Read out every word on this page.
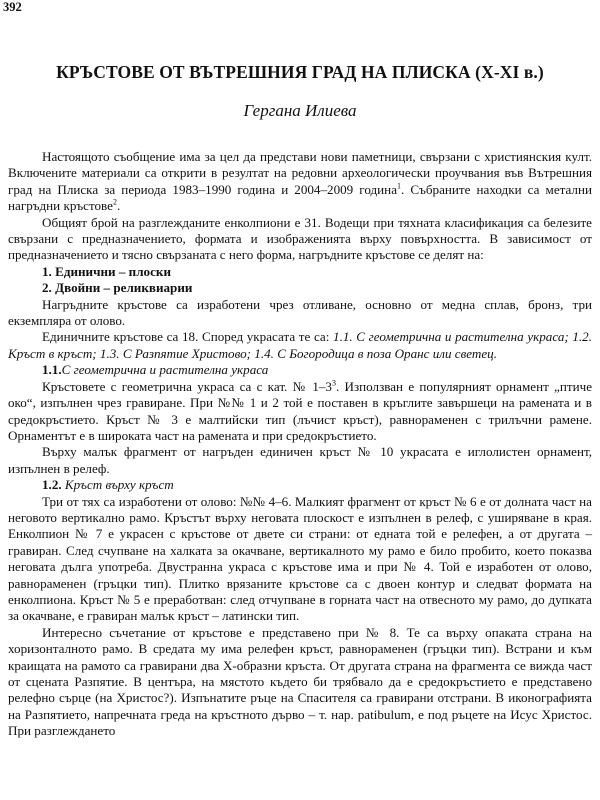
392
КРЪСТОВЕ ОТ ВЪТРЕШНИЯ ГРАД НА ПЛИСКА (X-XI в.)
Гергана Илиева

Настоящото съобщение има за цел да представи нови паметници, свързани с християнския култ. Включените материали са открити в резултат на редовни археологически проучвания във Вътрешния град на Плиска за периода 1983–1990 година и 2004–2009 година$^1$. Събраните находки са метални нагръдни кръстове$^2$.

Общият брой на разглежданите енколпиони е 31. Водещи при тяхната класификация са белезите свързани с предназначението, формата и изображенията върху повърхността. В зависимост от предназначението и тясно свързаната с него форма, нагръдните кръстове се делят на:

1. Единични – плоски
2. Двойни – реликвиарии

Нагръдните кръстове са изработени чрез отливане, основно от медна сплав, бронз, три екземпляра от олово.

Единичните кръстове са 18. Според украсата те са: 1.1. С геометрична и растителна украса; 1.2. Кръст в кръст; 1.3. С Разпятие Христово; 1.4. С Богородица в поза Оранс или светец.

1.1.С геометрична и растителна украса

Кръстовете с геометрична украса са с кат. № $1-3^3$. Използван е популярният орнамент „птиче око“, изпълнен чрез гравиране. При №№ 1 и 2 той е поставен в кръглите завършеци на рамената и в средокръстието. Кръст № 3 е малтийски тип (лъчист кръст), равнораменен с трилъчни рамене. Орнаментът е в широката част на рамената и при средокръстието.

Върху малък фрагмент от нагръден единичен кръст № 10 украсата е иглолистен орнамент, изпълнен в релеф.

1.2. Кръст върху кръст

Три от тях са изработени от олово: №№ 4–6. Малкият фрагмент от кръст № 6 е от долната част на неговото вертикално рамо. Кръстът върху неговата плоскост е изпълнен в релеф, с уширяване в края. Енколпион № 7 е украсен с кръстове от двете си страни: от едната той е релефен, а от другата – гравиран. След счупване на халката за окачване, вертикалното му рамо е било пробито, което показва неговата дълга употреба. Двустранна украса с кръстове има и при № 4. Той е изработен от олово, равнораменен (гръцки тип). Плитко врязаните кръстове са с двоен контур и следват формата на енколпиона. Кръст № 5 е преработван: след отчупване в горната част на отвесното му рамо, до дупката за окачване, е гравиран малък кръст – латински тип.

Интересно съчетание от кръстове е представено при № 8. Те са върху опаката страна на хоризонталното рамо. В средата му има релефен кръст, равнораменен (гръцки тип). Встрани и към краищата на рамото са гравирани два Х-образни кръста. От другата страна на фрагмента се вижда част от сцената Разпятие. В центъра, на мястото където би трябвало да е средокръстието е представено релефно сърце (на Христос?). Изпънатите ръце на Спасителя са гравирани отстрани. В иконографията на Разпятието, напречната греда на кръстното дърво – т. нар. patibulum, е под ръцете на Исус Христос. При разглеждането
